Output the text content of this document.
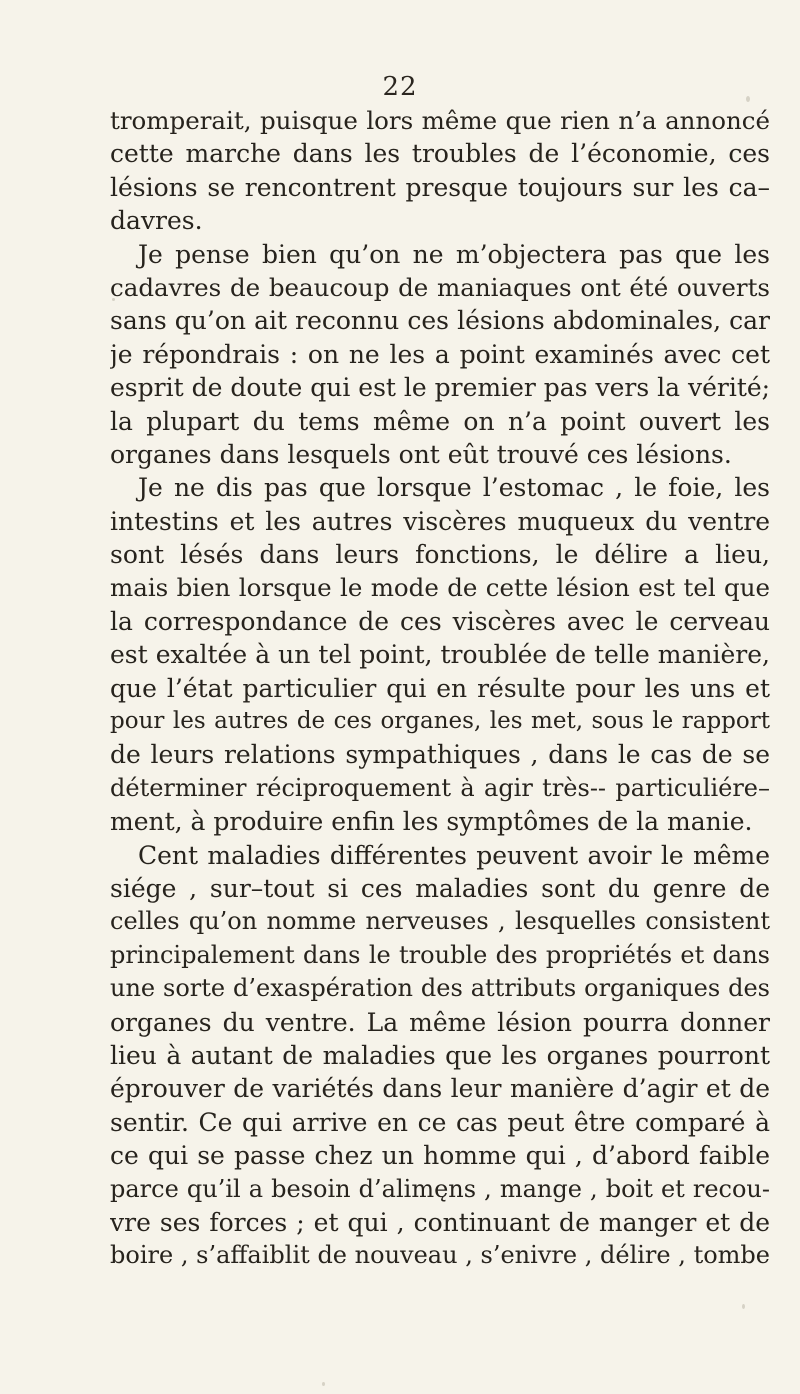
22
tromperait, puisque lors même que rien n’a annoncé
cette marche dans les troubles de l’économie, ces
lésions se rencontrent presque toujours sur les ca–
davres.
Je pense bien qu’on ne m’objectera pas que les
cadavres de beaucoup de maniaques ont été ouverts
sans qu’on ait reconnu ces lésions abdominales, car
je répondrais : on ne les a point examinés avec cet
esprit de doute qui est le premier pas vers la vérité;
la plupart du tems même on n’a point ouvert les
organes dans lesquels ont eût trouvé ces lésions.
Je ne dis pas que lorsque l’estomac , le foie, les
intestins et les autres viscères muqueux du ventre
sont lésés dans leurs fonctions, le délire a lieu,
mais bien lorsque le mode de cette lésion est tel que
la correspondance de ces viscères avec le cerveau
est exaltée à un tel point, troublée de telle manière,
que l’état particulier qui en résulte pour les uns et
pour les autres de ces organes, les met, sous le rapport
de leurs relations sympathiques , dans le cas de se
déterminer réciproquement à agir très-- particuliére–
ment, à produire enfin les symptômes de la manie.
Cent maladies différentes peuvent avoir le même
siége , sur–tout si ces maladies sont du genre de
celles qu’on nomme nerveuses , lesquelles consistent
principalement dans le trouble des propriétés et dans
une sorte d’exaspération des attributs organiques des
organes du ventre. La même lésion pourra donner
lieu à autant de maladies que les organes pourront
éprouver de variétés dans leur manière d’agir et de
sentir. Ce qui arrive en ce cas peut être comparé à
ce qui se passe chez un homme qui , d’abord faible
parce qu’il a besoin d’alimęns , mange , boit et recou-
vre ses forces ; et qui , continuant de manger et de
boire , s’affaiblit de nouveau , s’enivre , délire , tombe
